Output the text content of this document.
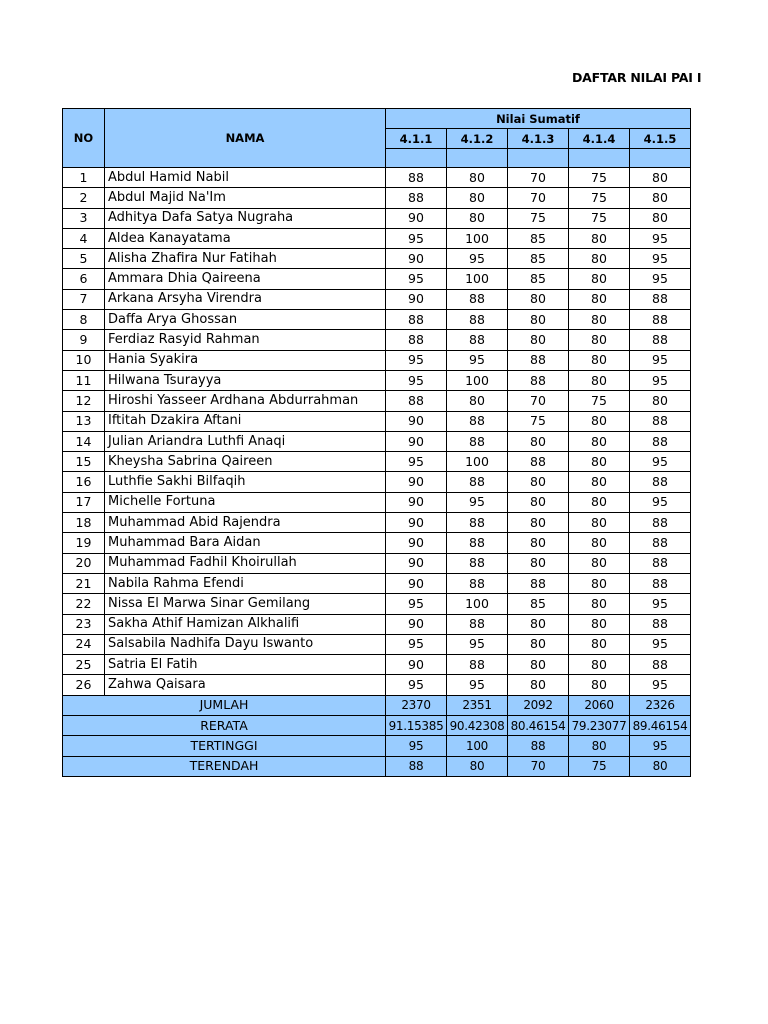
DAFTAR NILAI PAI I
NO	NAMA	Nilai Sumatif				
		4.1.1	4.1.2	4.1.3	4.1.4	4.1.5

1	Abdul Hamid Nabil	88	80	70	75	80
2	Abdul Majid Na'Im	88	80	70	75	80
3	Adhitya Dafa Satya Nugraha	90	80	75	75	80
4	Aldea Kanayatama	95	100	85	80	95
5	Alisha Zhafira Nur Fatihah	90	95	85	80	95
6	Ammara Dhia Qaireena	95	100	85	80	95
7	Arkana Arsyha Virendra	90	88	80	80	88
8	Daffa Arya Ghossan	88	88	80	80	88
9	Ferdiaz Rasyid Rahman	88	88	80	80	88
10	Hania Syakira	95	95	88	80	95
11	Hilwana Tsurayya	95	100	88	80	95
12	Hiroshi Yasseer Ardhana Abdurrahman	88	80	70	75	80
13	Iftitah Dzakira Aftani	90	88	75	80	88
14	Julian Ariandra Luthfi Anaqi	90	88	80	80	88
15	Kheysha Sabrina Qaireen	95	100	88	80	95
16	Luthfie Sakhi Bilfaqih	90	88	80	80	88
17	Michelle Fortuna	90	95	80	80	95
18	Muhammad Abid Rajendra	90	88	80	80	88
19	Muhammad Bara Aidan	90	88	80	80	88
20	Muhammad Fadhil Khoirullah	90	88	80	80	88
21	Nabila Rahma Efendi	90	88	88	80	88
22	Nissa El Marwa Sinar Gemilang	95	100	85	80	95
23	Sakha Athif Hamizan Alkhalifi	90	88	80	80	88
24	Salsabila Nadhifa Dayu Iswanto	95	95	80	80	95
25	Satria El Fatih	90	88	80	80	88
26	Zahwa Qaisara	95	95	80	80	95
JUMLAH		2370	2351	2092	2060	2326
RERATA		91.15385	90.42308	80.46154	79.23077	89.46154
TERTINGGI		95	100	88	80	95
TERENDAH		88	80	70	75	80
